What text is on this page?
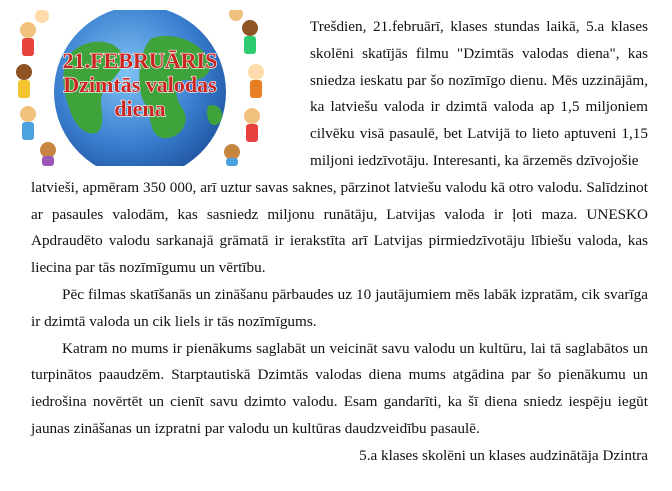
21.FEBRUĀRIS
Dzimtās valodas
diena

Trešdien, 21.februārī, klases stundas laikā, 5.a klases skolēni skatījās filmu "Dzimtās valodas diena", kas sniedza ieskatu par šo nozīmīgo dienu. Mēs uzzinājām, ka latviešu valoda ir dzimtā valoda ap 1,5 miljoniem cilvēku visā pasaulē, bet Latvijā to lieto aptuveni 1,15 miljoni iedzīvotāju. Interesanti, ka ārzemēs dzīvojošie

latvieši, apmēram 350 000, arī uztur savas saknes, pārzinot latviešu valodu kā otro valodu. Salīdzinot ar pasaules valodām, kas sasniedz miljonu runātāju, Latvijas valoda ir ļoti maza. UNESKO Apdraudēto valodu sarkanajā grāmatā ir ierakstīta arī Latvijas pirmiedzīvotāju lībiešu valoda, kas liecina par tās nozīmīgumu un vērtību.

Pēc filmas skatīšanās un zināšanu pārbaudes uz 10 jautājumiem mēs labāk izpratām, cik svarīga ir dzimtā valoda un cik liels ir tās nozīmīgums.

Katram no mums ir pienākums saglabāt un veicināt savu valodu un kultūru, lai tā saglabātos un turpinātos paaudzēm. Starptautiskā Dzimtās valodas diena mums atgādina par šo pienākumu un iedrošina novērtēt un cienīt savu dzimto valodu. Esam gandarīti, ka šī diena sniedz iespēju iegūt jaunas zināšanas un izpratni par valodu un kultūras daudzveidību pasaulē.

5.a klases skolēni un klases audzinātāja Dzintra
